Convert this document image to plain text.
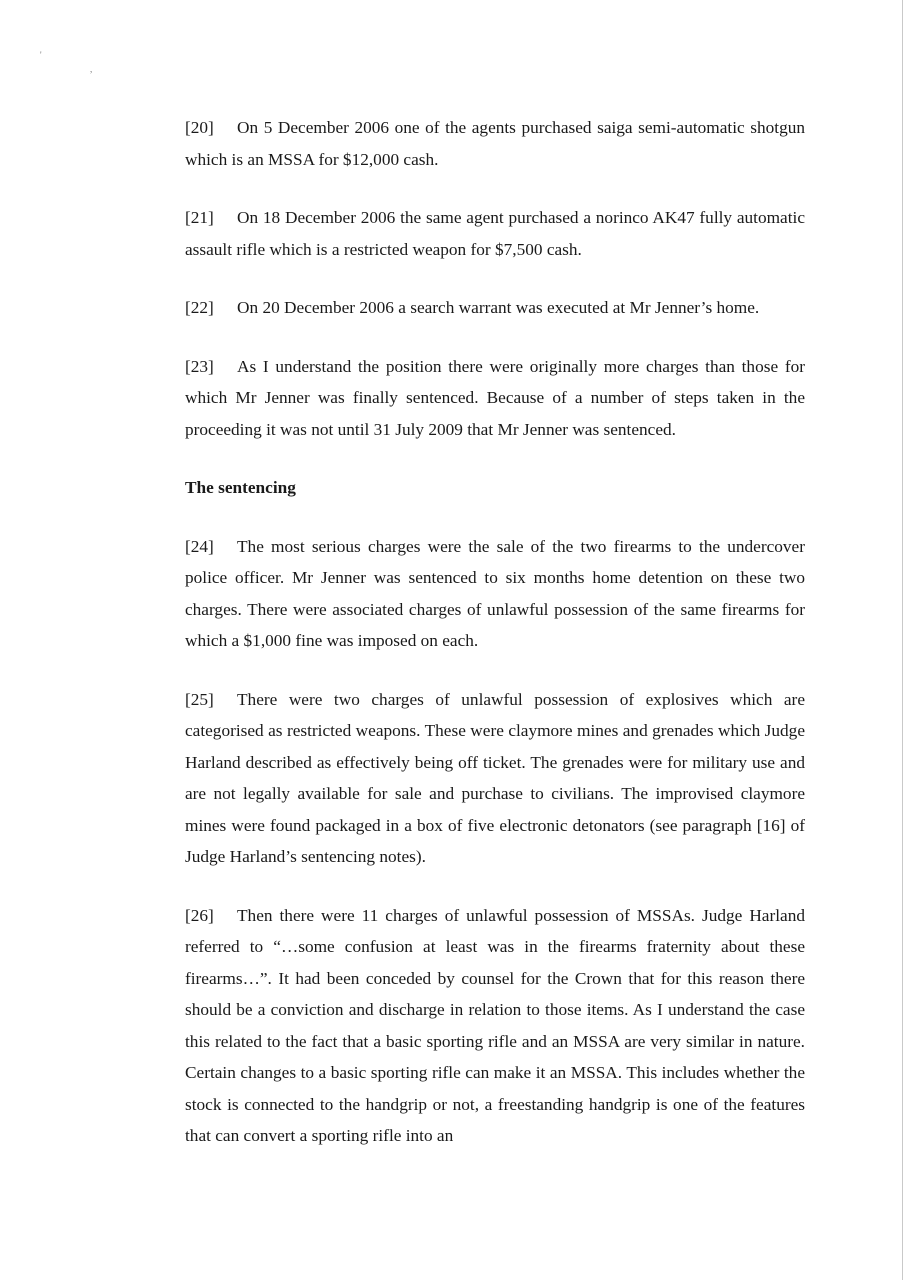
'
,

[20] On 5 December 2006 one of the agents purchased saiga semi-automatic shotgun which is an MSSA for $12,000 cash.

[21] On 18 December 2006 the same agent purchased a norinco AK47 fully automatic assault rifle which is a restricted weapon for $7,500 cash.

[22] On 20 December 2006 a search warrant was executed at Mr Jenner’s home.

[23] As I understand the position there were originally more charges than those for which Mr Jenner was finally sentenced. Because of a number of steps taken in the proceeding it was not until 31 July 2009 that Mr Jenner was sentenced.

The sentencing

[24] The most serious charges were the sale of the two firearms to the undercover police officer. Mr Jenner was sentenced to six months home detention on these two charges. There were associated charges of unlawful possession of the same firearms for which a $1,000 fine was imposed on each.

[25] There were two charges of unlawful possession of explosives which are categorised as restricted weapons. These were claymore mines and grenades which Judge Harland described as effectively being off ticket. The grenades were for military use and are not legally available for sale and purchase to civilians. The improvised claymore mines were found packaged in a box of five electronic detonators (see paragraph [16] of Judge Harland’s sentencing notes).

[26] Then there were 11 charges of unlawful possession of MSSAs. Judge Harland referred to “…some confusion at least was in the firearms fraternity about these firearms…”. It had been conceded by counsel for the Crown that for this reason there should be a conviction and discharge in relation to those items. As I understand the case this related to the fact that a basic sporting rifle and an MSSA are very similar in nature. Certain changes to a basic sporting rifle can make it an MSSA. This includes whether the stock is connected to the handgrip or not, a freestanding handgrip is one of the features that can convert a sporting rifle into an
